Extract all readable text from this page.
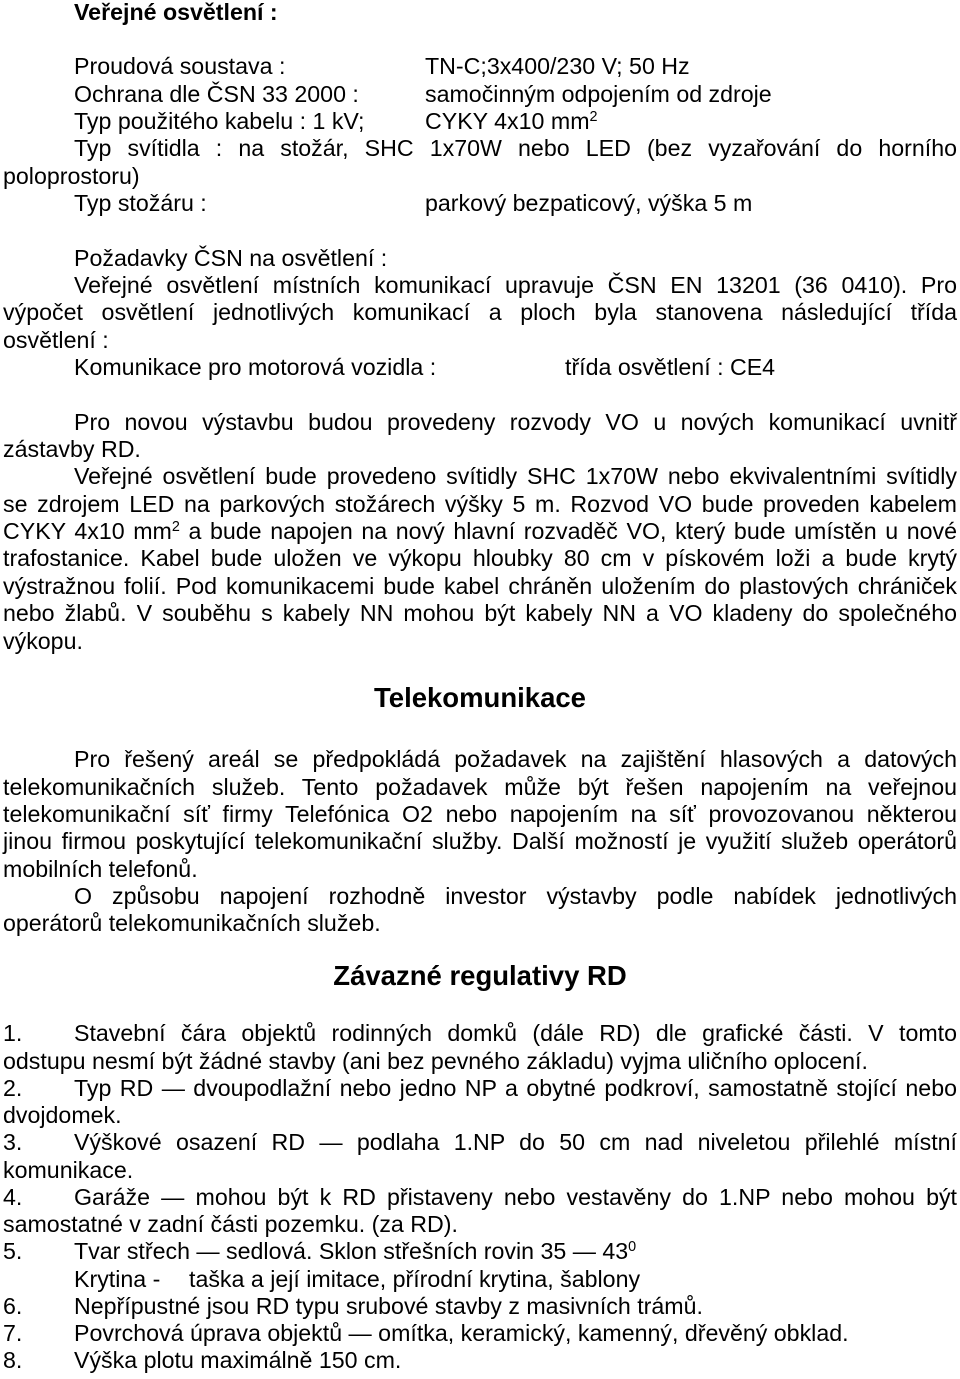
Veřejné osvětlení :
Proudová soustava :	TN-C;3x400/230 V; 50 Hz
Ochrana dle ČSN 33 2000 :	samočinným odpojením od zdroje
Typ použitého kabelu : 1 kV;	CYKY 4x10 $mm^2$
Typ svítidla : na stožár, SHC 1x70W nebo LED (bez vyzařování do horního
poloprostoru)
Typ stožáru :	parkový bezpaticový, výška 5 m
Požadavky ČSN na osvětlení :
Veřejné osvětlení místních komunikací upravuje ČSN EN 13201 (36 0410). Pro
výpočet osvětlení jednotlivých komunikací a ploch byla stanovena následující třída
osvětlení :
Komunikace pro motorová vozidla :	třída osvětlení : CE4
Pro novou výstavbu budou provedeny rozvody VO u nových komunikací uvnitř
zástavby RD.
Veřejné osvětlení bude provedeno svítidly SHC 1x70W nebo ekvivalentními svítidly
se zdrojem LED na parkových stožárech výšky 5 m. Rozvod VO bude proveden kabelem
CYKY 4x10 $mm^2$ a bude napojen na nový hlavní rozvaděč VO, který bude umístěn u nové
trafostanice. Kabel bude uložen ve výkopu hloubky 80 cm v pískovém loži a bude krytý
výstražnou folií. Pod komunikacemi bude kabel chráněn uložením do plastových chrániček
nebo žlabů. V souběhu s kabely NN mohou být kabely NN a VO kladeny do společného
výkopu.
Telekomunikace
Pro řešený areál se předpokládá požadavek na zajištění hlasových a datových
telekomunikačních služeb. Tento požadavek může být řešen napojením na veřejnou
telekomunikační síť firmy Telefónica O2 nebo napojením na síť provozovanou některou
jinou firmou poskytující telekomunikační služby. Další možností je využití služeb operátorů
mobilních telefonů.
O způsobu napojení rozhodně investor výstavby podle nabídek jednotlivých
operátorů telekomunikačních služeb.
Závazné regulativy RD
1. Stavební čára objektů rodinných domků (dále RD) dle grafické části. V tomto
odstupu nesmí být žádné stavby (ani bez pevného základu) vyjma uličního oplocení.
2. Typ RD — dvoupodlažní nebo jedno NP a obytné podkroví, samostatně stojící nebo
dvojdomek.
3. Výškové osazení RD — podlaha 1.NP do 50 cm nad niveletou přilehlé místní
komunikace.
4. Garáže — mohou být k RD přistaveny nebo vestavěny do 1.NP nebo mohou být
samostatné v zadní části pozemku. (za RD).
5. Tvar střech — sedlová. Sklon střešních rovin 35 — $43^0$
Krytina - taška a její imitace, přírodní krytina, šablony
6. Nepřípustné jsou RD typu srubové stavby z masivních trámů.
7. Povrchová úprava objektů — omítka, keramický, kamenný, dřevěný obklad.
8. Výška plotu maximálně 150 cm.
